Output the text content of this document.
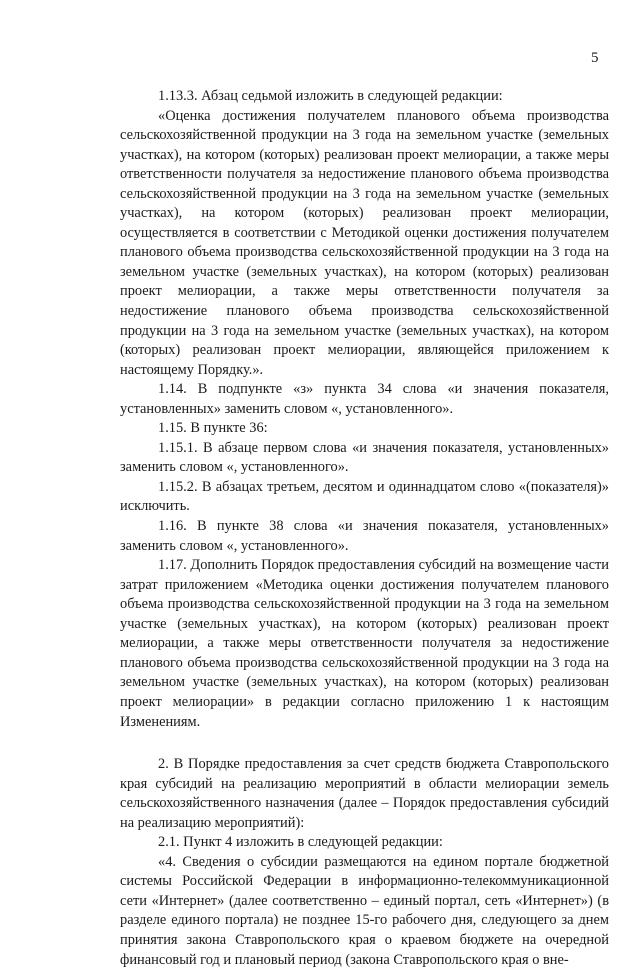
5

1.13.3. Абзац седьмой изложить в следующей редакции:

«Оценка достижения получателем планового объема производства сельскохозяйственной продукции на 3 года на земельном участке (земельных участках), на котором (которых) реализован проект мелиорации, а также меры ответственности получателя за недостижение планового объема производства сельскохозяйственной продукции на 3 года на земельном участке (земельных участках), на котором (которых) реализован проект мелиорации, осуществляется в соответствии с Методикой оценки достижения получателем планового объема производства сельскохозяйственной продукции на 3 года на земельном участке (земельных участках), на котором (которых) реализован проект мелиорации, а также меры ответственности получателя за недостижение планового объема производства сельскохозяйственной продукции на 3 года на земельном участке (земельных участках), на котором (которых) реализован проект мелиорации, являющейся приложением к настоящему Порядку.».

1.14. В подпункте «з» пункта 34 слова «и значения показателя, установленных» заменить словом «, установленного».

1.15. В пункте 36:

1.15.1. В абзаце первом слова «и значения показателя, установленных» заменить словом «, установленного».

1.15.2. В абзацах третьем, десятом и одиннадцатом слово «(показателя)» исключить.

1.16. В пункте 38 слова «и значения показателя, установленных» заменить словом «, установленного».

1.17. Дополнить Порядок предоставления субсидий на возмещение части затрат приложением «Методика оценки достижения получателем планового объема производства сельскохозяйственной продукции на 3 года на земельном участке (земельных участках), на котором (которых) реализован проект мелиорации, а также меры ответственности получателя за недостижение планового объема производства сельскохозяйственной продукции на 3 года на земельном участке (земельных участках), на котором (которых) реализован проект мелиорации» в редакции согласно приложению 1 к настоящим Изменениям.

2. В Порядке предоставления за счет средств бюджета Ставропольского края субсидий на реализацию мероприятий в области мелиорации земель сельскохозяйственного назначения (далее – Порядок предоставления субсидий на реализацию мероприятий):

2.1. Пункт 4 изложить в следующей редакции:

«4. Сведения о субсидии размещаются на едином портале бюджетной системы Российской Федерации в информационно-телекоммуникационной сети «Интернет» (далее соответственно – единый портал, сеть «Интернет») (в разделе единого портала) не позднее 15-го рабочего дня, следующего за днем принятия закона Ставропольского края о краевом бюджете на очередной финансовый год и плановый период (закона Ставропольского края о вне-
